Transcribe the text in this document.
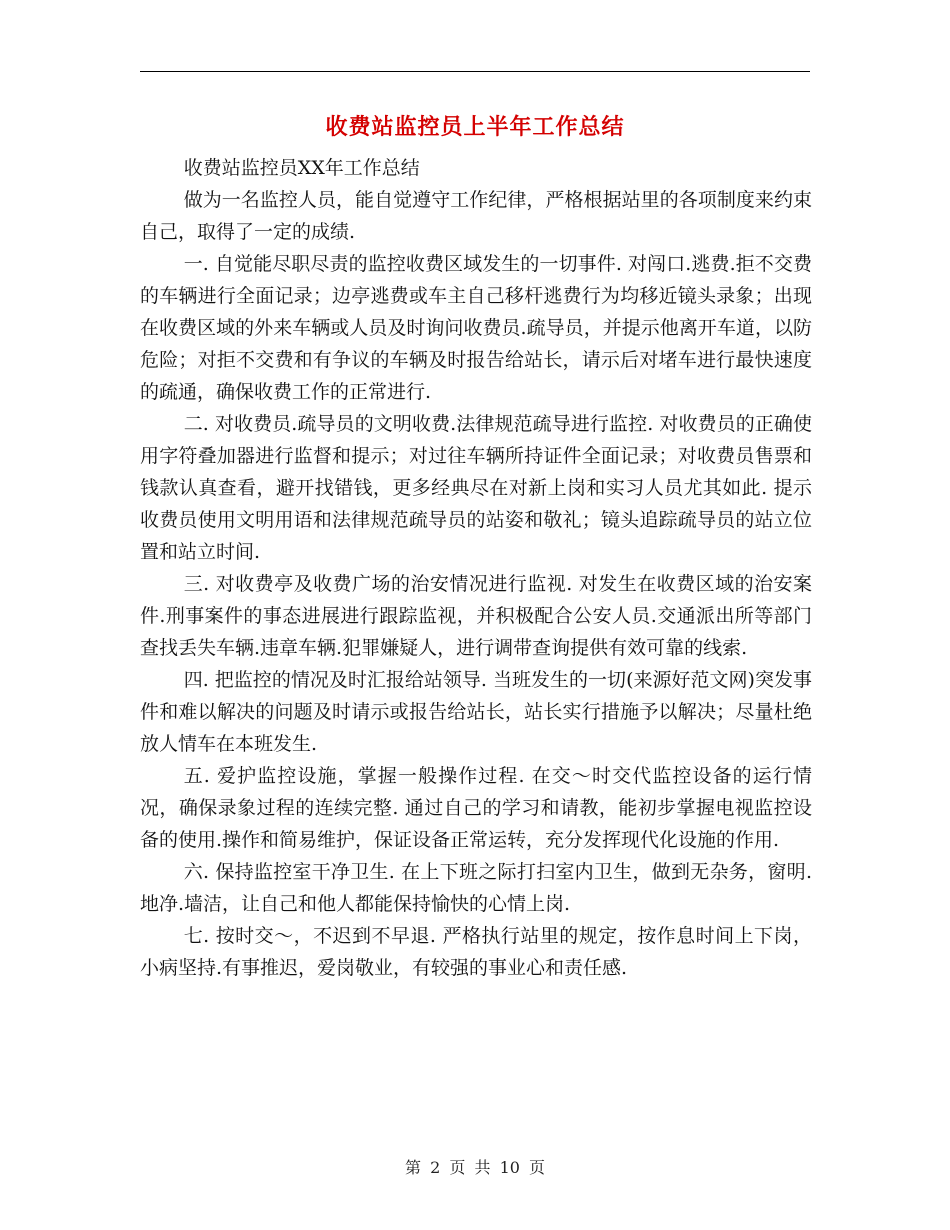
收费站监控员上半年工作总结

收费站监控员XX年工作总结

做为一名监控人员，能自觉遵守工作纪律，严格根据站里的各项制度来约束自己，取得了一定的成绩.

一. 自觉能尽职尽责的监控收费区域发生的一切事件. 对闯口.逃费.拒不交费的车辆进行全面记录；边亭逃费或车主自己移杆逃费行为均移近镜头录象；出现在收费区域的外来车辆或人员及时询问收费员.疏导员，并提示他离开车道，以防危险；对拒不交费和有争议的车辆及时报告给站长，请示后对堵车进行最快速度的疏通，确保收费工作的正常进行.

二. 对收费员.疏导员的文明收费.法律规范疏导进行监控. 对收费员的正确使用字符叠加器进行监督和提示；对过往车辆所持证件全面记录；对收费员售票和钱款认真查看，避开找错钱，更多经典尽在对新上岗和实习人员尤其如此. 提示收费员使用文明用语和法律规范疏导员的站姿和敬礼；镜头追踪疏导员的站立位置和站立时间.

三. 对收费亭及收费广场的治安情况进行监视. 对发生在收费区域的治安案件.刑事案件的事态进展进行跟踪监视，并积极配合公安人员.交通派出所等部门查找丢失车辆.违章车辆.犯罪嫌疑人，进行调带查询提供有效可靠的线索.

四. 把监控的情况及时汇报给站领导. 当班发生的一切(来源好范文网)突发事件和难以解决的问题及时请示或报告给站长，站长实行措施予以解决；尽量杜绝放人情车在本班发生.

五. 爱护监控设施，掌握一般操作过程. 在交～时交代监控设备的运行情况，确保录象过程的连续完整. 通过自己的学习和请教，能初步掌握电视监控设备的使用.操作和简易维护，保证设备正常运转，充分发挥现代化设施的作用.

六. 保持监控室干净卫生. 在上下班之际打扫室内卫生，做到无杂务，窗明.地净.墙洁，让自己和他人都能保持愉快的心情上岗.

七. 按时交～，不迟到不早退. 严格执行站里的规定，按作息时间上下岗，小病坚持.有事推迟，爱岗敬业，有较强的事业心和责任感.

第 2 页 共 10 页
